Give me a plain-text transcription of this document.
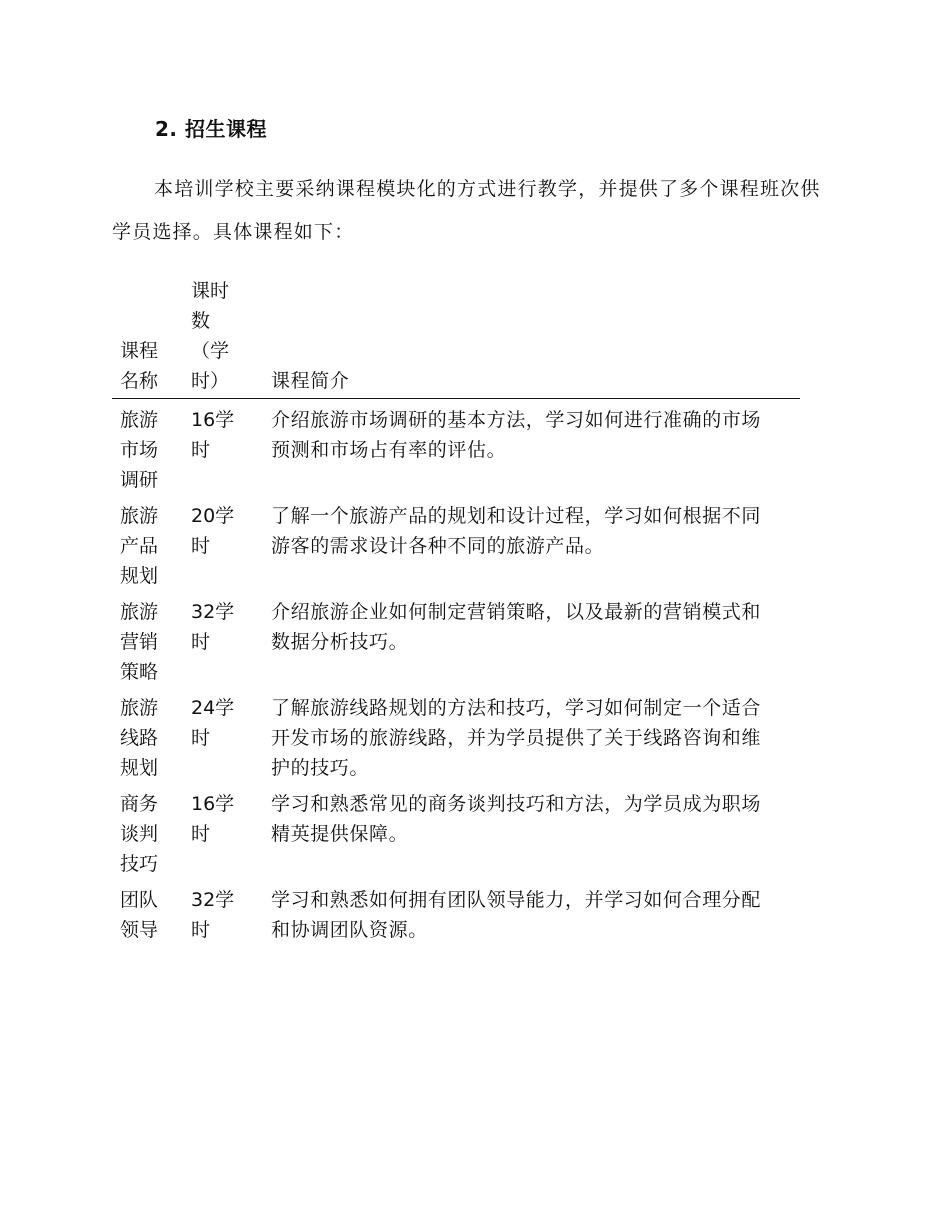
2. 招生课程
本培训学校主要采纳课程模块化的方式进行教学，并提供了多个课程班次供学员选择。具体课程如下：
课程名称	课时数（学时）	课程简介

旅游市场调研	16学时	介绍旅游市场调研的基本方法，学习如何进行准确的市场预测和市场占有率的评估。

旅游产品规划	20学时	了解一个旅游产品的规划和设计过程，学习如何根据不同游客的需求设计各种不同的旅游产品。

旅游营销策略	32学时	介绍旅游企业如何制定营销策略，以及最新的营销模式和数据分析技巧。

旅游线路规划	24学时	了解旅游线路规划的方法和技巧，学习如何制定一个适合开发市场的旅游线路，并为学员提供了关于线路咨询和维护的技巧。

商务谈判技巧	16学时	学习和熟悉常见的商务谈判技巧和方法，为学员成为职场精英提供保障。

团队领导	32学时	学习和熟悉如何拥有团队领导能力，并学习如何合理分配和协调团队资源。
